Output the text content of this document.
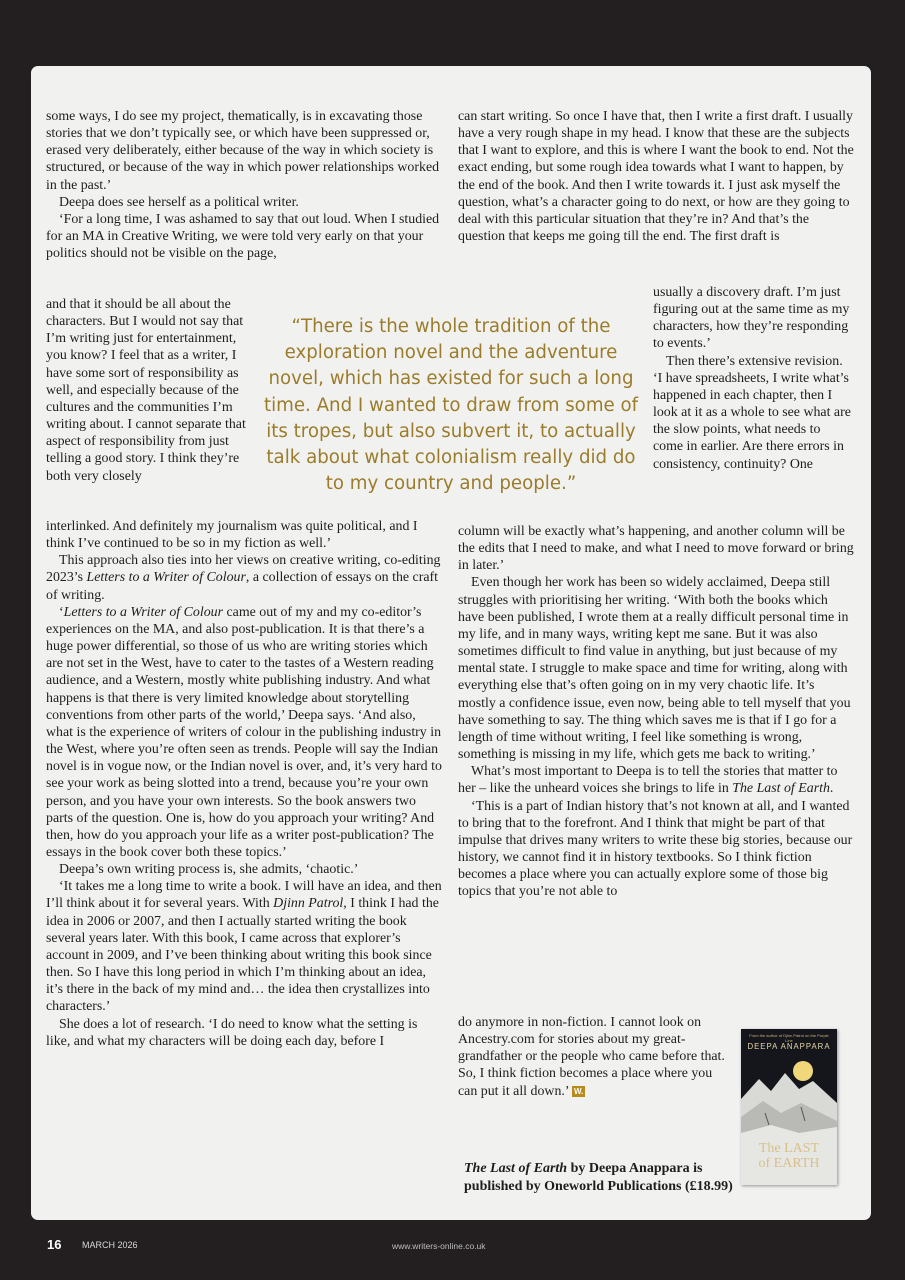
some ways, I do see my project, thematically, is in excavating those stories that we don’t typically see, or which have been suppressed or, erased very deliberately, either because of the way in which society is structured, or because of the way in which power relationships worked in the past.’

Deepa does see herself as a political writer.

‘For a long time, I was ashamed to say that out loud. When I studied for an MA in Creative Writing, we were told very early on that your politics should not be visible on the page,

and that it should be all about the characters. But I would not say that I’m writing just for entertainment, you know? I feel that as a writer, I have some sort of responsibility as well, and especially because of the cultures and the communities I’m writing about. I cannot separate that aspect of responsibility from just telling a good story. I think they’re both very closely

“There is the whole tradition of the exploration novel and the adventure novel, which has existed for such a long time. And I wanted to draw from some of its tropes, but also subvert it, to actually talk about what colonialism really did do to my country and people.”

interlinked. And definitely my journalism was quite political, and I think I’ve continued to be so in my fiction as well.’

This approach also ties into her views on creative writing, co-editing 2023’s Letters to a Writer of Colour, a collection of essays on the craft of writing.

‘Letters to a Writer of Colour came out of my and my co-editor’s experiences on the MA, and also post-publication. It is that there’s a huge power differential, so those of us who are writing stories which are not set in the West, have to cater to the tastes of a Western reading audience, and a Western, mostly white publishing industry. And what happens is that there is very limited knowledge about storytelling conventions from other parts of the world,’ Deepa says. ‘And also, what is the experience of writers of colour in the publishing industry in the West, where you’re often seen as trends. People will say the Indian novel is in vogue now, or the Indian novel is over, and, it’s very hard to see your work as being slotted into a trend, because you’re your own person, and you have your own interests. So the book answers two parts of the question. One is, how do you approach your writing? And then, how do you approach your life as a writer post-publication? The essays in the book cover both these topics.’

Deepa’s own writing process is, she admits, ‘chaotic.’

‘It takes me a long time to write a book. I will have an idea, and then I’ll think about it for several years. With Djinn Patrol, I think I had the idea in 2006 or 2007, and then I actually started writing the book several years later. With this book, I came across that explorer’s account in 2009, and I’ve been thinking about writing this book since then. So I have this long period in which I’m thinking about an idea, it’s there in the back of my mind and… the idea then crystallizes into characters.’

She does a lot of research. ‘I do need to know what the setting is like, and what my characters will be doing each day, before I

can start writing. So once I have that, then I write a first draft. I usually have a very rough shape in my head. I know that these are the subjects that I want to explore, and this is where I want the book to end. Not the exact ending, but some rough idea towards what I want to happen, by the end of the book. And then I write towards it. I just ask myself the question, what’s a character going to do next, or how are they going to deal with this particular situation that they’re in? And that’s the question that keeps me going till the end. The first draft is

usually a discovery draft. I’m just figuring out at the same time as my characters, how they’re responding to events.’

Then there’s extensive revision. ‘I have spreadsheets, I write what’s happened in each chapter, then I look at it as a whole to see what are the slow points, what needs to come in earlier. Are there errors in consistency, continuity? One

column will be exactly what’s happening, and another column will be the edits that I need to make, and what I need to move forward or bring in later.’

Even though her work has been so widely acclaimed, Deepa still struggles with prioritising her writing. ‘With both the books which have been published, I wrote them at a really difficult personal time in my life, and in many ways, writing kept me sane. But it was also sometimes difficult to find value in anything, but just because of my mental state. I struggle to make space and time for writing, along with everything else that’s often going on in my very chaotic life. It’s mostly a confidence issue, even now, being able to tell myself that you have something to say. The thing which saves me is that if I go for a length of time without writing, I feel like something is wrong, something is missing in my life, which gets me back to writing.’

What’s most important to Deepa is to tell the stories that matter to her – like the unheard voices she brings to life in The Last of Earth.

‘This is a part of Indian history that’s not known at all, and I wanted to bring that to the forefront. And I think that might be part of that impulse that drives many writers to write these big stories, because our history, we cannot find it in history textbooks. So I think fiction becomes a place where you can actually explore some of those big topics that you’re not able to

do anymore in non-fiction. I cannot look on Ancestry.com for stories about my great-grandfather or the people who came before that. So, I think fiction becomes a place where you can put it all down.’ W.

The Last of Earth by Deepa Anappara is published by Oneworld Publications (£18.99)
From the author of Djinn Patrol on the Purple Line
DEEPA ANAPPARA
The LAST
of EARTH
16 MARCH 2026	www.writers-online.co.uk
